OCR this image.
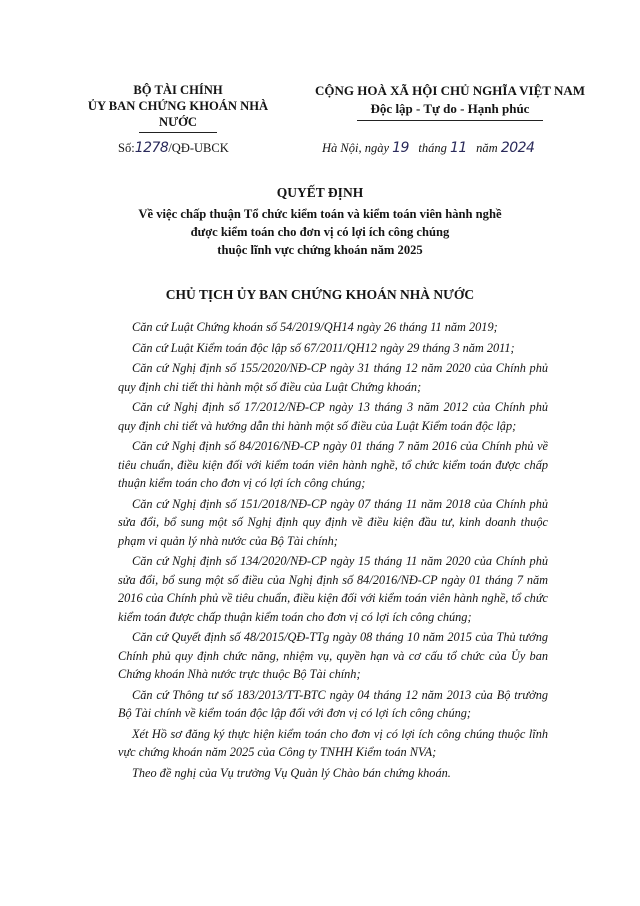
BỘ TÀI CHÍNH
ỦY BAN CHỨNG KHOÁN NHÀ NƯỚC
CỘNG HOÀ XÃ HỘI CHỦ NGHĨA VIỆT NAM
Độc lập - Tự do - Hạnh phúc
Số:1278/QĐ-UBCK	Hà Nội, ngày 19 tháng 11 năm 2024
QUYẾT ĐỊNH
Về việc chấp thuận Tổ chức kiểm toán và kiểm toán viên hành nghề
được kiểm toán cho đơn vị có lợi ích công chúng
thuộc lĩnh vực chứng khoán năm 2025
CHỦ TỊCH ỦY BAN CHỨNG KHOÁN NHÀ NƯỚC

Căn cứ Luật Chứng khoán số 54/2019/QH14 ngày 26 tháng 11 năm 2019;

Căn cứ Luật Kiểm toán độc lập số 67/2011/QH12 ngày 29 tháng 3 năm 2011;

Căn cứ Nghị định số 155/2020/NĐ-CP ngày 31 tháng 12 năm 2020 của Chính phủ quy định chi tiết thi hành một số điều của Luật Chứng khoán;

Căn cứ Nghị định số 17/2012/NĐ-CP ngày 13 tháng 3 năm 2012 của Chính phủ quy định chi tiết và hướng dẫn thi hành một số điều của Luật Kiểm toán độc lập;

Căn cứ Nghị định số 84/2016/NĐ-CP ngày 01 tháng 7 năm 2016 của Chính phủ về tiêu chuẩn, điều kiện đối với kiểm toán viên hành nghề, tổ chức kiểm toán được chấp thuận kiểm toán cho đơn vị có lợi ích công chúng;

Căn cứ Nghị định số 151/2018/NĐ-CP ngày 07 tháng 11 năm 2018 của Chính phủ sửa đổi, bổ sung một số Nghị định quy định về điều kiện đầu tư, kinh doanh thuộc phạm vi quản lý nhà nước của Bộ Tài chính;

Căn cứ Nghị định số 134/2020/NĐ-CP ngày 15 tháng 11 năm 2020 của Chính phủ sửa đổi, bổ sung một số điều của Nghị định số 84/2016/NĐ-CP ngày 01 tháng 7 năm 2016 của Chính phủ về tiêu chuẩn, điều kiện đối với kiểm toán viên hành nghề, tổ chức kiểm toán được chấp thuận kiểm toán cho đơn vị có lợi ích công chúng;

Căn cứ Quyết định số 48/2015/QĐ-TTg ngày 08 tháng 10 năm 2015 của Thủ tướng Chính phủ quy định chức năng, nhiệm vụ, quyền hạn và cơ cấu tổ chức của Ủy ban Chứng khoán Nhà nước trực thuộc Bộ Tài chính;

Căn cứ Thông tư số 183/2013/TT-BTC ngày 04 tháng 12 năm 2013 của Bộ trưởng Bộ Tài chính về kiểm toán độc lập đối với đơn vị có lợi ích công chúng;

Xét Hồ sơ đăng ký thực hiện kiểm toán cho đơn vị có lợi ích công chúng thuộc lĩnh vực chứng khoán năm 2025 của Công ty TNHH Kiểm toán NVA;

Theo đề nghị của Vụ trưởng Vụ Quản lý Chào bán chứng khoán.
